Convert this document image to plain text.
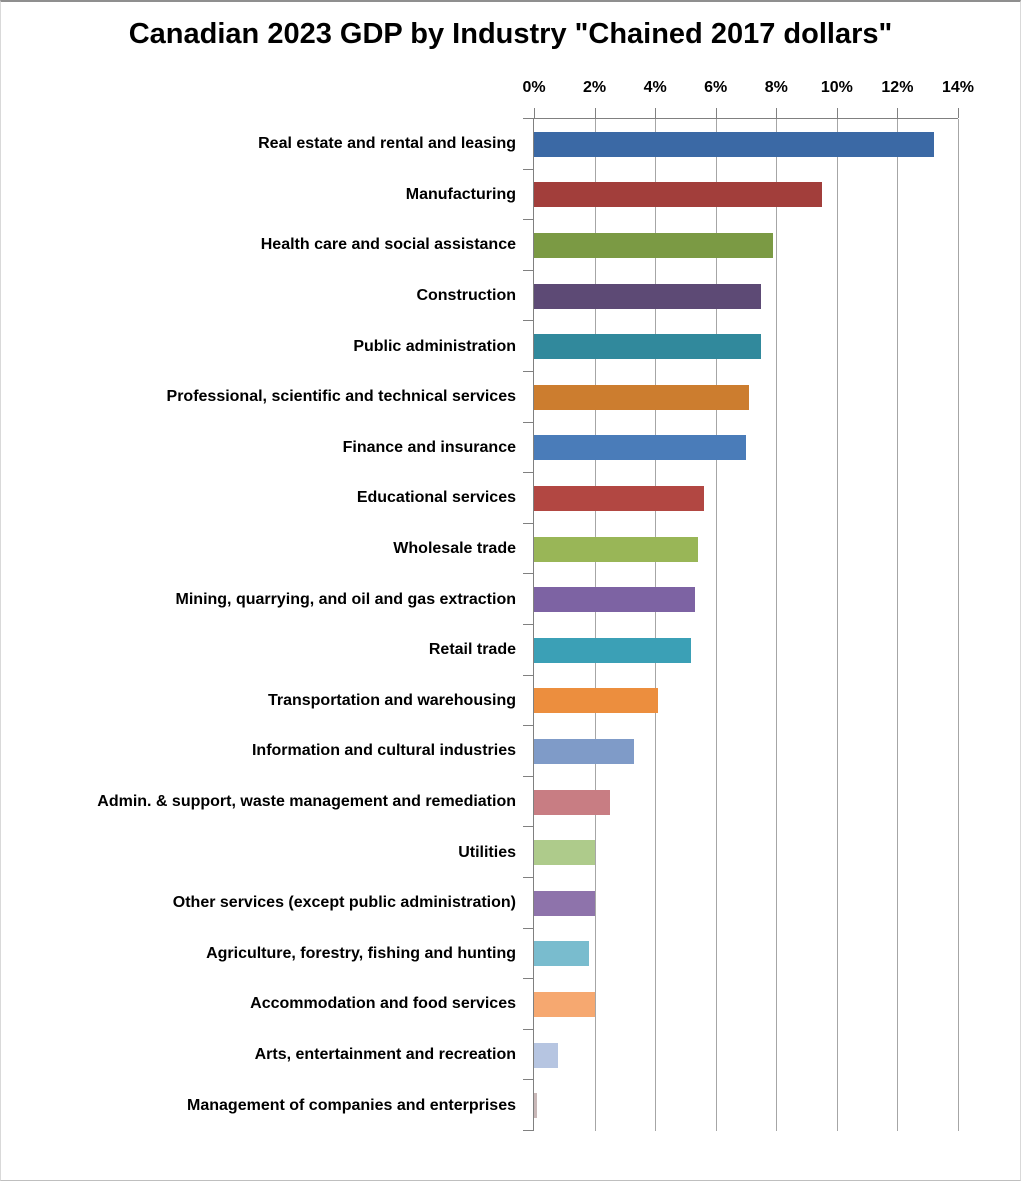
Canadian 2023 GDP by Industry "Chained 2017 dollars"
0% 2% 4% 6% 8% 10% 12% 14%
Real estate and rental and leasing
Manufacturing
Health care and social assistance
Construction
Public administration
Professional, scientific and technical services
Finance and insurance
Educational services
Wholesale trade
Mining, quarrying, and oil and gas extraction
Retail trade
Transportation and warehousing
Information and cultural industries
Admin. & support, waste management and remediation
Utilities
Other services (except public administration)
Agriculture, forestry, fishing and hunting
Accommodation and food services
Arts, entertainment and recreation
Management of companies and enterprises
